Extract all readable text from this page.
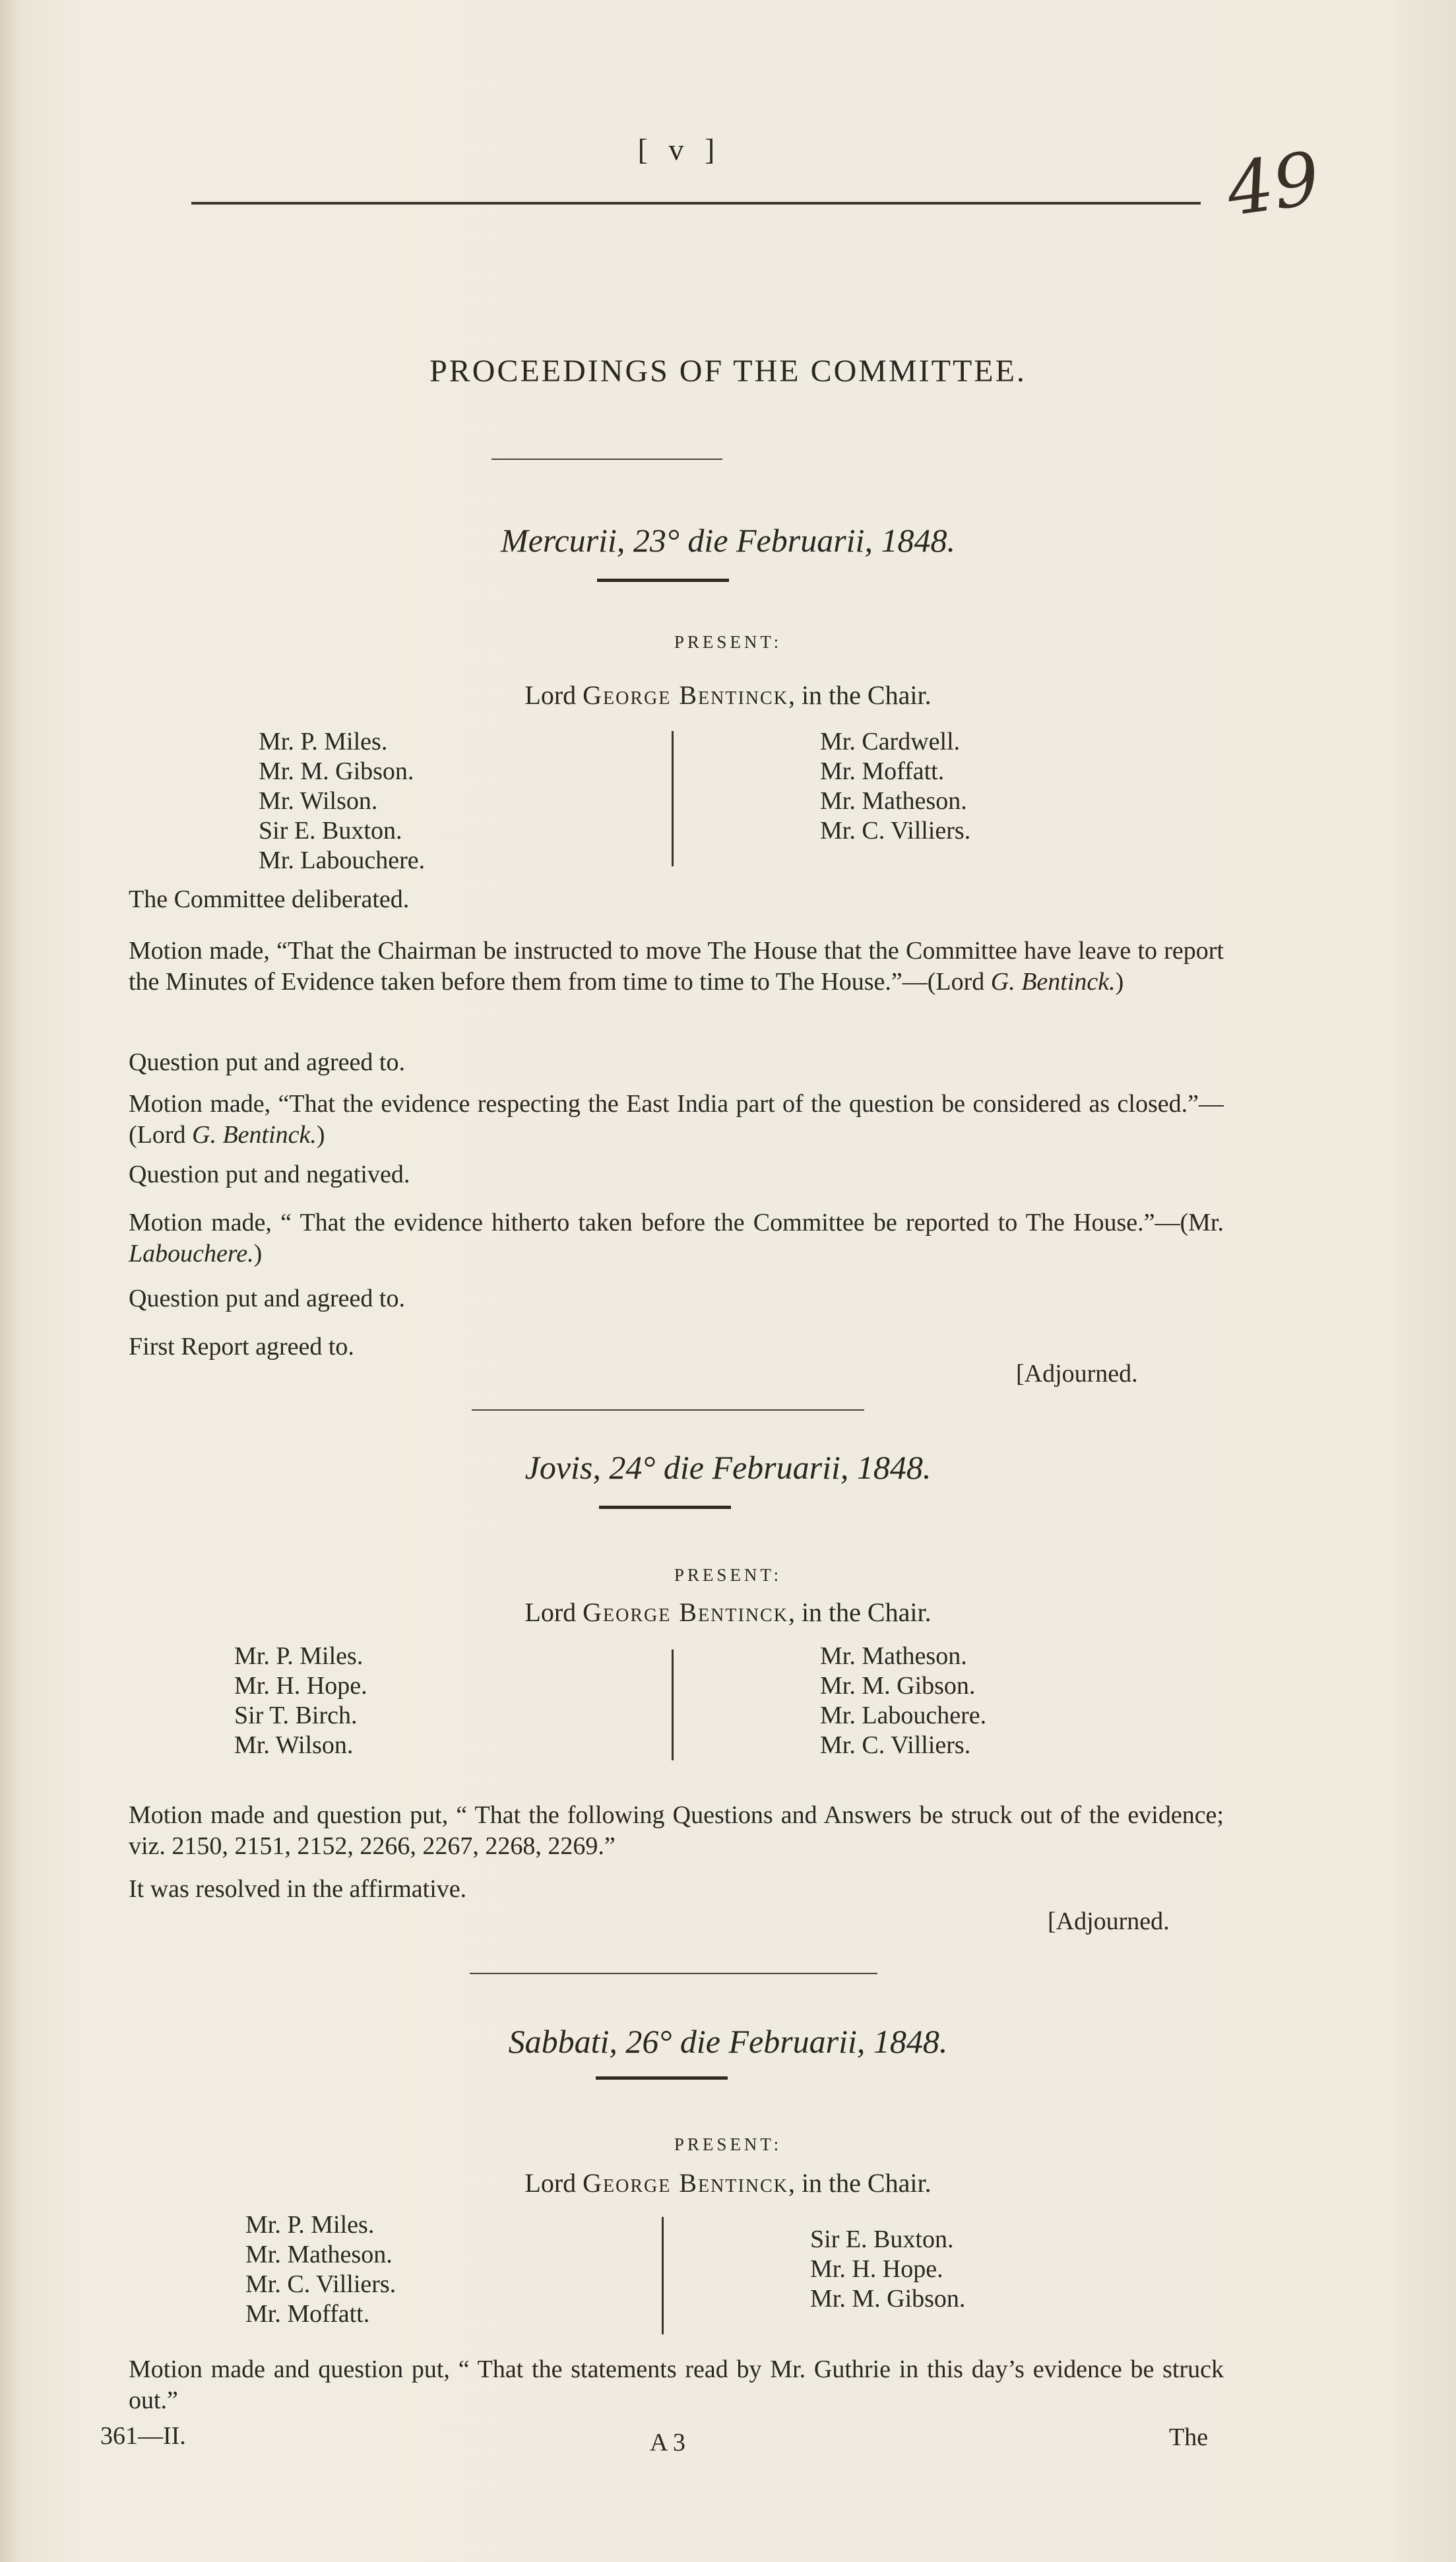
[ v ]	49
PROCEEDINGS OF THE COMMITTEE.
Mercurii, 23° die Februarii, 1848.
PRESENT:
Lord George Bentinck, in the Chair.
Mr. P. Miles.
Mr. M. Gibson.
Mr. Wilson.
Sir E. Buxton.
Mr. Labouchere.
Mr. Cardwell.
Mr. Moffatt.
Mr. Matheson.
Mr. C. Villiers.
The Committee deliberated.
Motion made, “That the Chairman be instructed to move The House that the Committee have leave to report the Minutes of Evidence taken before them from time to time to The House.”—(Lord G. Bentinck.)
Question put and agreed to.
Motion made, “That the evidence respecting the East India part of the question be considered as closed.”—(Lord G. Bentinck.)
Question put and negatived.
Motion made, “ That the evidence hitherto taken before the Committee be reported to The House.”—(Mr. Labouchere.)
Question put and agreed to.
First Report agreed to.
[Adjourned.
Jovis, 24° die Februarii, 1848.
PRESENT:
Lord George Bentinck, in the Chair.
Mr. P. Miles.
Mr. H. Hope.
Sir T. Birch.
Mr. Wilson.
Mr. Matheson.
Mr. M. Gibson.
Mr. Labouchere.
Mr. C. Villiers.
Motion made and question put, “ That the following Questions and Answers be struck out of the evidence; viz. 2150, 2151, 2152, 2266, 2267, 2268, 2269.”
It was resolved in the affirmative.
[Adjourned.
Sabbati, 26° die Februarii, 1848.
PRESENT:
Lord George Bentinck, in the Chair.
Mr. P. Miles.
Mr. Matheson.
Mr. C. Villiers.
Mr. Moffatt.
Sir E. Buxton.
Mr. H. Hope.
Mr. M. Gibson.
Motion made and question put, “ That the statements read by Mr. Guthrie in this day’s evidence be struck out.”
361—II.	A 3	The
